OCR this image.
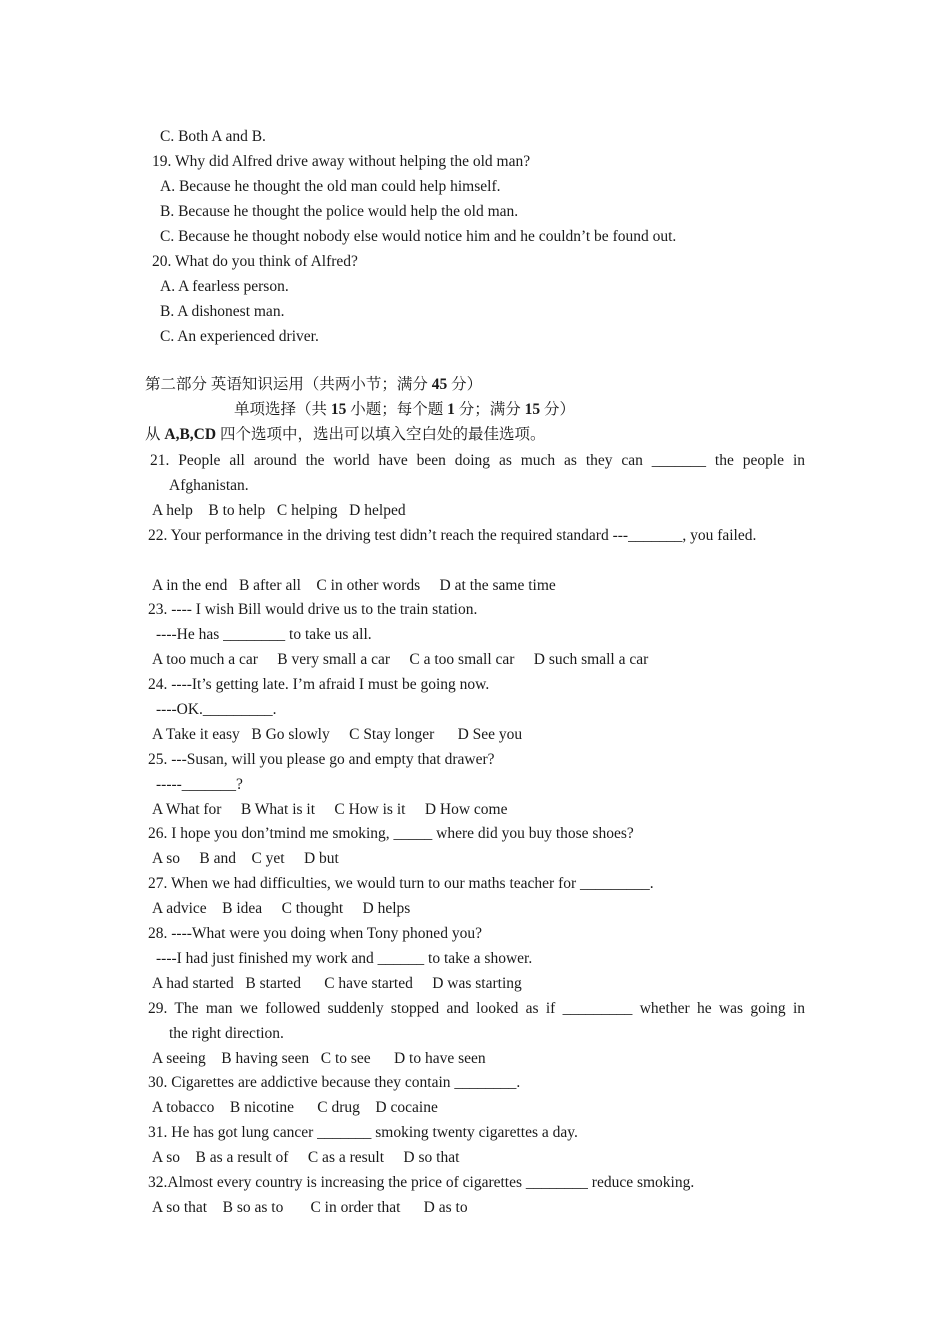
C. Both A and B.
19. Why did Alfred drive away without helping the old man?
A. Because he thought the old man could help himself.
B. Because he thought the police would help the old man.
C. Because he thought nobody else would notice him and he couldn’t be found out.
20. What do you think of Alfred?
A. A fearless person.
B. A dishonest man.
C. An experienced driver.
第二部分 英语知识运用（共两小节；满分 45 分）
单项选择（共 15 小题；每个题 1 分；满分 15 分）
从 A,B,CD 四个选项中，选出可以填入空白处的最佳选项。
21. People all around the world have been doing as much as they can _______ the people in
Afghanistan.
A help    B to help   C helping   D helped
22. Your performance in the driving test didn’t reach the required standard ---_______, you failed.
A in the end   B after all    C in other words     D at the same time
23. ---- I wish Bill would drive us to the train station.
----He has ________ to take us all.
A too much a car     B very small a car     C a too small car     D such small a car
24. ----It’s getting late. I’m afraid I must be going now.
----OK._________.
A Take it easy   B Go slowly     C Stay longer      D See you
25. ---Susan, will you please go and empty that drawer?
-----_______?
A What for     B What is it     C How is it     D How come
26. I hope you don’tmind me smoking, _____ where did you buy those shoes?
A so     B and    C yet     D but
27. When we had difficulties, we would turn to our maths teacher for _________.
A advice    B idea     C thought     D helps
28. ----What were you doing when Tony phoned you?
----I had just finished my work and ______ to take a shower.
A had started   B started      C have started     D was starting
29. The man we followed suddenly stopped and looked as if _________ whether he was going in
the right direction.
A seeing    B having seen   C to see      D to have seen
30. Cigarettes are addictive because they contain ________.
A tobacco    B nicotine      C drug    D cocaine
31. He has got lung cancer _______ smoking twenty cigarettes a day.
A so    B as a result of     C as a result     D so that
32.Almost every country is increasing the price of cigarettes ________ reduce smoking.
A so that    B so as to       C in order that      D as to
